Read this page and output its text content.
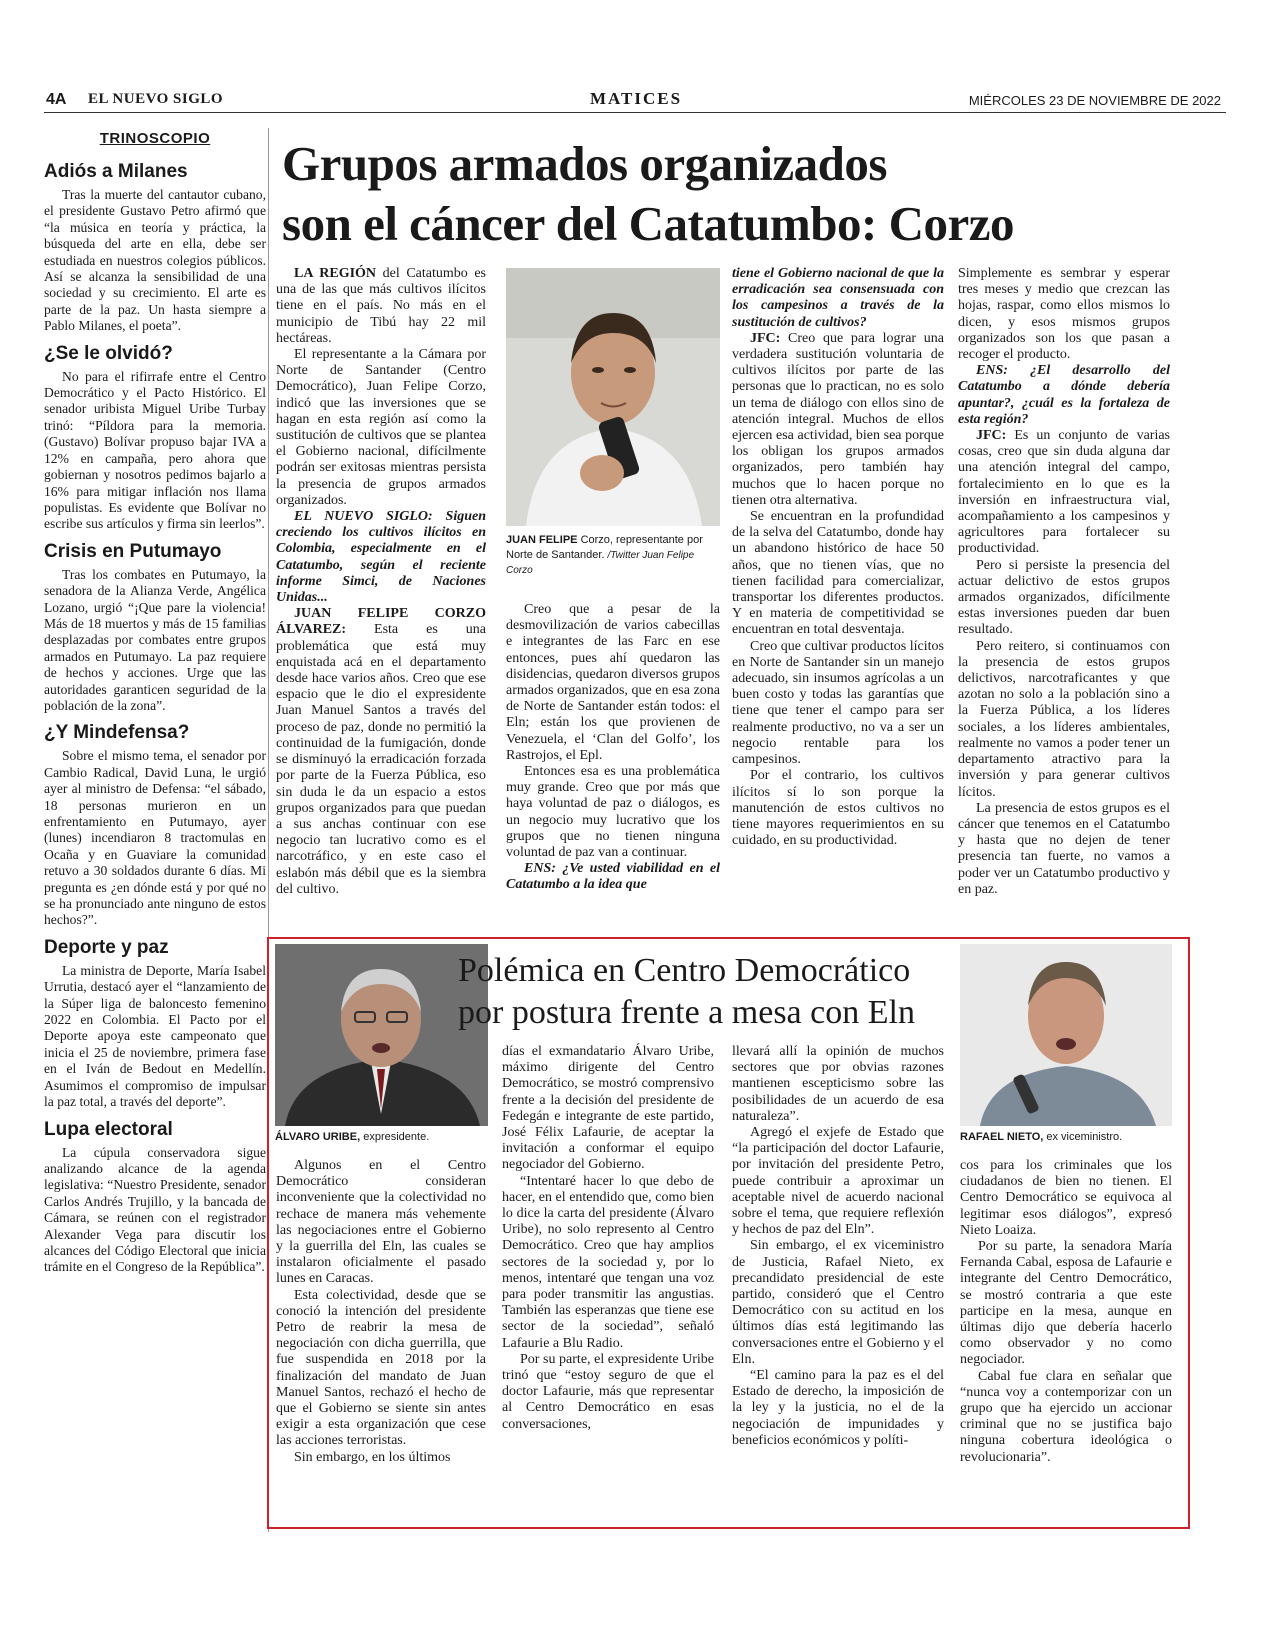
4A EL NUEVO SIGLO	MATICES	MIÉRCOLES 23 DE NOVIEMBRE DE 2022
TRINOSCOPIO
Adiós a Milanes

Tras la muerte del cantautor cubano, el presidente Gustavo Petro afirmó que “la música en teoría y práctica, la búsqueda del arte en ella, debe ser estudiada en nuestros colegios públicos. Así se alcanza la sensibilidad de una sociedad y su crecimiento. El arte es parte de la paz. Un hasta siempre a Pablo Milanes, el poeta”.

¿Se le olvidó?

No para el rifirrafe entre el Centro Democrático y el Pacto Histórico. El senador uribista Miguel Uribe Turbay trinó: “Píldora para la memoria. (Gustavo) Bolívar propuso bajar IVA a 12% en campaña, pero ahora que gobiernan y nosotros pedimos bajarlo a 16% para mitigar inflación nos llama populistas. Es evidente que Bolívar no escribe sus artículos y firma sin leerlos”.

Crisis en Putumayo

Tras los combates en Putumayo, la senadora de la Alianza Verde, Angélica Lozano, urgió “¡Que pare la violencia! Más de 18 muertos y más de 15 familias desplazadas por combates entre grupos armados en Putumayo. La paz requiere de hechos y acciones. Urge que las autoridades garanticen seguridad de la población de la zona”.

¿Y Mindefensa?

Sobre el mismo tema, el senador por Cambio Radical, David Luna, le urgió ayer al ministro de Defensa: “el sábado, 18 personas murieron en un enfrentamiento en Putumayo, ayer (lunes) incendiaron 8 tractomulas en Ocaña y en Guaviare la comunidad retuvo a 30 soldados durante 6 días. Mi pregunta es ¿en dónde está y por qué no se ha pronunciado ante ninguno de estos hechos?”.

Deporte y paz

La ministra de Deporte, María Isabel Urrutia, destacó ayer el “lanzamiento de la Súper liga de baloncesto femenino 2022 en Colombia. El Pacto por el Deporte apoya este campeonato que inicia el 25 de noviembre, primera fase en el Iván de Bedout en Medellín. Asumimos el compromiso de impulsar la paz total, a través del deporte”.

Lupa electoral

La cúpula conservadora sigue analizando alcance de la agenda legislativa: “Nuestro Presidente, senador Carlos Andrés Trujillo, y la bancada de Cámara, se reúnen con el registrador Alexander Vega para discutir los alcances del Código Electoral que inicia trámite en el Congreso de la República”.

Grupos armados organizados
son el cáncer del Catatumbo: Corzo

LA REGIÓN del Catatumbo es una de las que más cultivos ilícitos tiene en el país. No más en el municipio de Tibú hay 22 mil hectáreas.

El representante a la Cámara por Norte de Santander (Centro Democrático), Juan Felipe Corzo, indicó que las inversiones que se hagan en esta región así como la sustitución de cultivos que se plantea el Gobierno nacional, difícilmente podrán ser exitosas mientras persista la presencia de grupos armados organizados.

EL NUEVO SIGLO: Siguen creciendo los cultivos ilícitos en Colombia, especialmente en el Catatumbo, según el reciente informe Simci, de Naciones Unidas...

JUAN FELIPE CORZO ÁLVAREZ: Esta es una problemática que está muy enquistada acá en el departamento desde hace varios años. Creo que ese espacio que le dio el expresidente Juan Manuel Santos a través del proceso de paz, donde no permitió la continuidad de la fumigación, donde se disminuyó la erradicación forzada por parte de la Fuerza Pública, eso sin duda le da un espacio a estos grupos organizados para que puedan a sus anchas continuar con ese negocio tan lucrativo como es el narcotráfico, y en este caso el eslabón más débil que es la siembra del cultivo.

JUAN FELIPE Corzo, representante por Norte de Santander. /Twitter Juan Felipe Corzo

Creo que a pesar de la desmovilización de varios cabecillas e integrantes de las Farc en ese entonces, pues ahí quedaron las disidencias, quedaron diversos grupos armados organizados, que en esa zona de Norte de Santander están todos: el Eln; están los que provienen de Venezuela, el ‘Clan del Golfo’, los Rastrojos, el Epl.

Entonces esa es una problemática muy grande. Creo que por más que haya voluntad de paz o diálogos, es un negocio muy lucrativo que los grupos que no tienen ninguna voluntad de paz van a continuar.

ENS: ¿Ve usted viabilidad en el Catatumbo a la idea que

tiene el Gobierno nacional de que la erradicación sea consensuada con los campesinos a través de la sustitución de cultivos?

JFC: Creo que para lograr una verdadera sustitución voluntaria de cultivos ilícitos por parte de las personas que lo practican, no es solo un tema de diálogo con ellos sino de atención integral. Muchos de ellos ejercen esa actividad, bien sea porque los obligan los grupos armados organizados, pero también hay muchos que lo hacen porque no tienen otra alternativa.

Se encuentran en la profundidad de la selva del Catatumbo, donde hay un abandono histórico de hace 50 años, que no tienen vías, que no tienen facilidad para comercializar, transportar los diferentes productos. Y en materia de competitividad se encuentran en total desventaja.

Creo que cultivar productos lícitos en Norte de Santander sin un manejo adecuado, sin insumos agrícolas a un buen costo y todas las garantías que tiene que tener el campo para ser realmente productivo, no va a ser un negocio rentable para los campesinos.

Por el contrario, los cultivos ilícitos sí lo son porque la manutención de estos cultivos no tiene mayores requerimientos en su cuidado, en su productividad.

Simplemente es sembrar y esperar tres meses y medio que crezcan las hojas, raspar, como ellos mismos lo dicen, y esos mismos grupos organizados son los que pasan a recoger el producto.

ENS: ¿El desarrollo del Catatumbo a dónde debería apuntar?, ¿cuál es la fortaleza de esta región?

JFC: Es un conjunto de varias cosas, creo que sin duda alguna dar una atención integral del campo, fortalecimiento en lo que es la inversión en infraestructura vial, acompañamiento a los campesinos y agricultores para fortalecer su productividad.

Pero si persiste la presencia del actuar delictivo de estos grupos armados organizados, difícilmente estas inversiones pueden dar buen resultado.

Pero reitero, si continuamos con la presencia de estos grupos delictivos, narcotraficantes y que azotan no solo a la población sino a la Fuerza Pública, a los líderes sociales, a los líderes ambientales, realmente no vamos a poder tener un departamento atractivo para la inversión y para generar cultivos lícitos.

La presencia de estos grupos es el cáncer que tenemos en el Catatumbo y hasta que no dejen de tener presencia tan fuerte, no vamos a poder ver un Catatumbo productivo y en paz.

ÁLVARO URIBE, expresidente.
Polémica en Centro Democrático
por postura frente a mesa con Eln
RAFAEL NIETO, ex viceministro.

Algunos en el Centro Democrático consideran inconveniente que la colectividad no rechace de manera más vehemente las negociaciones entre el Gobierno y la guerrilla del Eln, las cuales se instalaron oficialmente el pasado lunes en Caracas.

Esta colectividad, desde que se conoció la intención del presidente Petro de reabrir la mesa de negociación con dicha guerrilla, que fue suspendida en 2018 por la finalización del mandato de Juan Manuel Santos, rechazó el hecho de que el Gobierno se siente sin antes exigir a esta organización que cese las acciones terroristas.

Sin embargo, en los últimos

días el exmandatario Álvaro Uribe, máximo dirigente del Centro Democrático, se mostró comprensivo frente a la decisión del presidente de Fedegán e integrante de este partido, José Félix Lafaurie, de aceptar la invitación a conformar el equipo negociador del Gobierno.

“Intentaré hacer lo que debo de hacer, en el entendido que, como bien lo dice la carta del presidente (Álvaro Uribe), no solo represento al Centro Democrático. Creo que hay amplios sectores de la sociedad y, por lo menos, intentaré que tengan una voz para poder transmitir las angustias. También las esperanzas que tiene ese sector de la sociedad”, señaló Lafaurie a Blu Radio.

Por su parte, el expresidente Uribe trinó que “estoy seguro de que el doctor Lafaurie, más que representar al Centro Democrático en esas conversaciones,

llevará allí la opinión de muchos sectores que por obvias razones mantienen escepticismo sobre las posibilidades de un acuerdo de esa naturaleza”.

Agregó el exjefe de Estado que “la participación del doctor Lafaurie, por invitación del presidente Petro, puede contribuir a aproximar un aceptable nivel de acuerdo nacional sobre el tema, que requiere reflexión y hechos de paz del Eln”.

Sin embargo, el ex viceministro de Justicia, Rafael Nieto, ex precandidato presidencial de este partido, consideró que el Centro Democrático con su actitud en los últimos días está legitimando las conversaciones entre el Gobierno y el Eln.

“El camino para la paz es el del Estado de derecho, la imposición de la ley y la justicia, no el de la negociación de impunidades y beneficios económicos y políti-

cos para los criminales que los ciudadanos de bien no tienen. El Centro Democrático se equivoca al legitimar esos diálogos”, expresó Nieto Loaiza.

Por su parte, la senadora María Fernanda Cabal, esposa de Lafaurie e integrante del Centro Democrático, se mostró contraria a que este participe en la mesa, aunque en últimas dijo que debería hacerlo como observador y no como negociador.

Cabal fue clara en señalar que “nunca voy a contemporizar con un grupo que ha ejercido un accionar criminal que no se justifica bajo ninguna cobertura ideológica o revolucionaria”.
